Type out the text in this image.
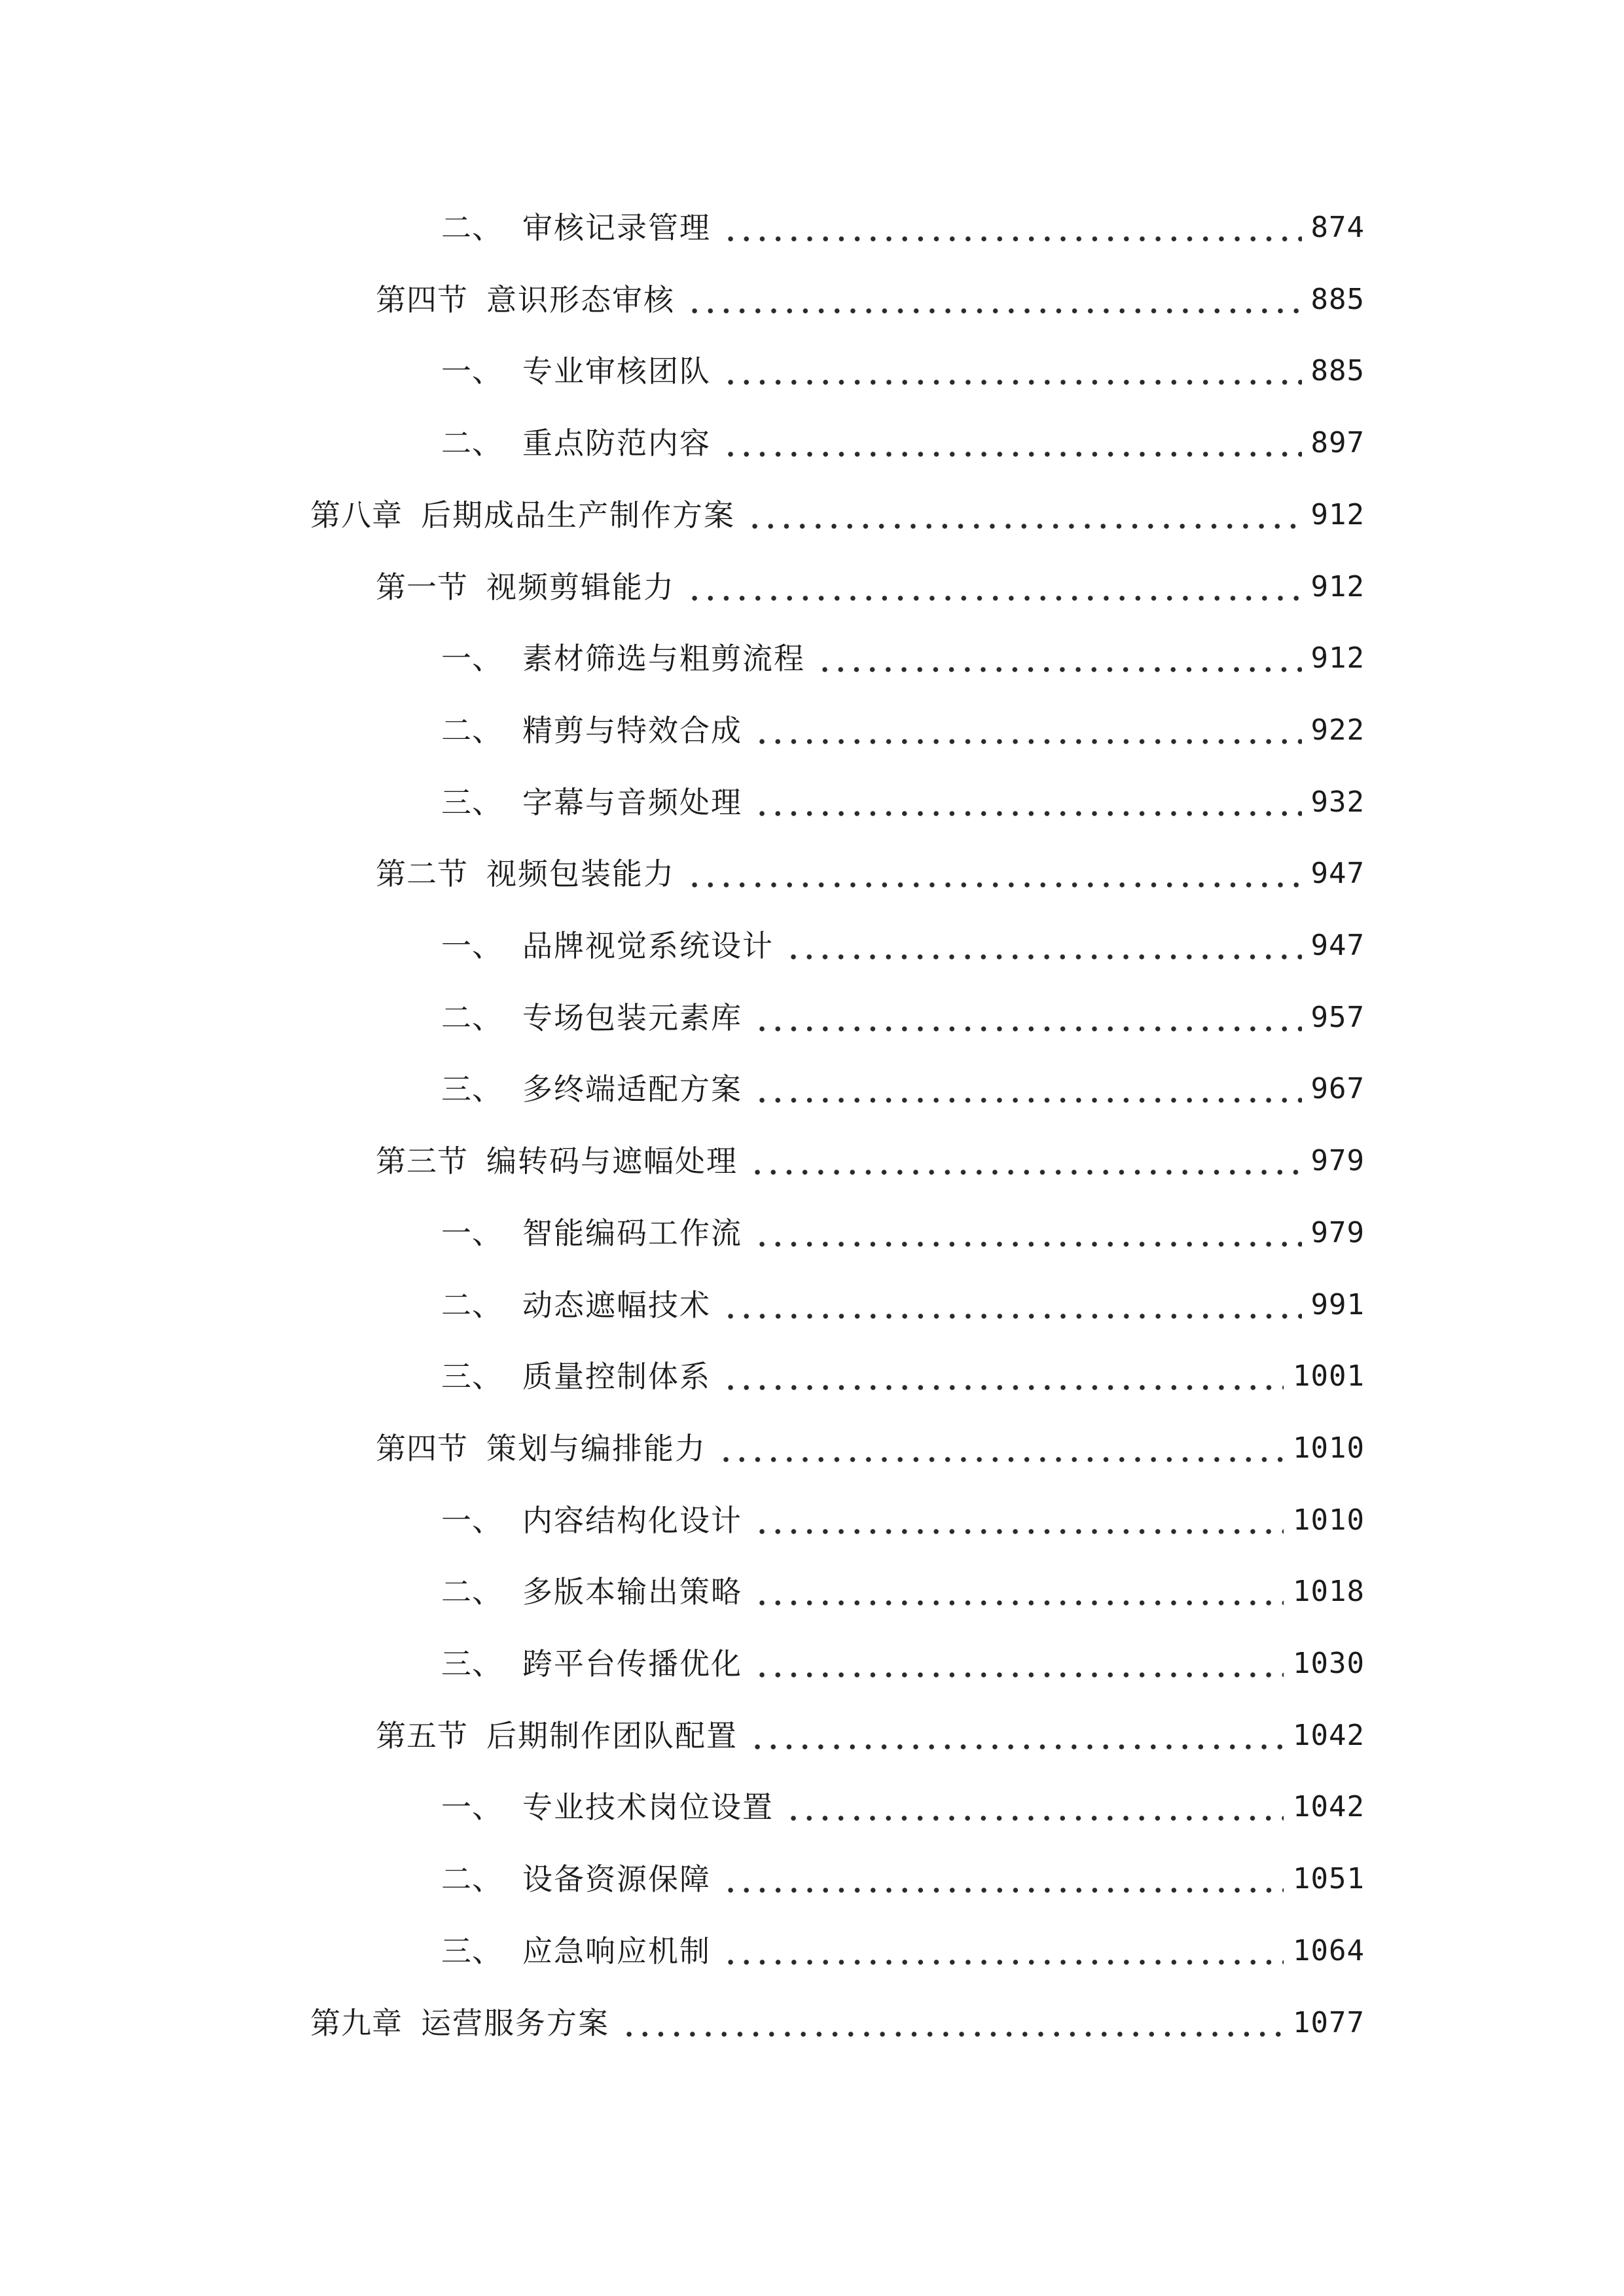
二、 审核记录管理	874
第四节 意识形态审核	885
一、 专业审核团队	885
二、 重点防范内容	897
第八章 后期成品生产制作方案	912
第一节 视频剪辑能力	912
一、 素材筛选与粗剪流程	912
二、 精剪与特效合成	922
三、 字幕与音频处理	932
第二节 视频包装能力	947
一、 品牌视觉系统设计	947
二、 专场包装元素库	957
三、 多终端适配方案	967
第三节 编转码与遮幅处理	979
一、 智能编码工作流	979
二、 动态遮幅技术	991
三、 质量控制体系	1001
第四节 策划与编排能力	1010
一、 内容结构化设计	1010
二、 多版本输出策略	1018
三、 跨平台传播优化	1030
第五节 后期制作团队配置	1042
一、 专业技术岗位设置	1042
二、 设备资源保障	1051
三、 应急响应机制	1064
第九章 运营服务方案	1077
